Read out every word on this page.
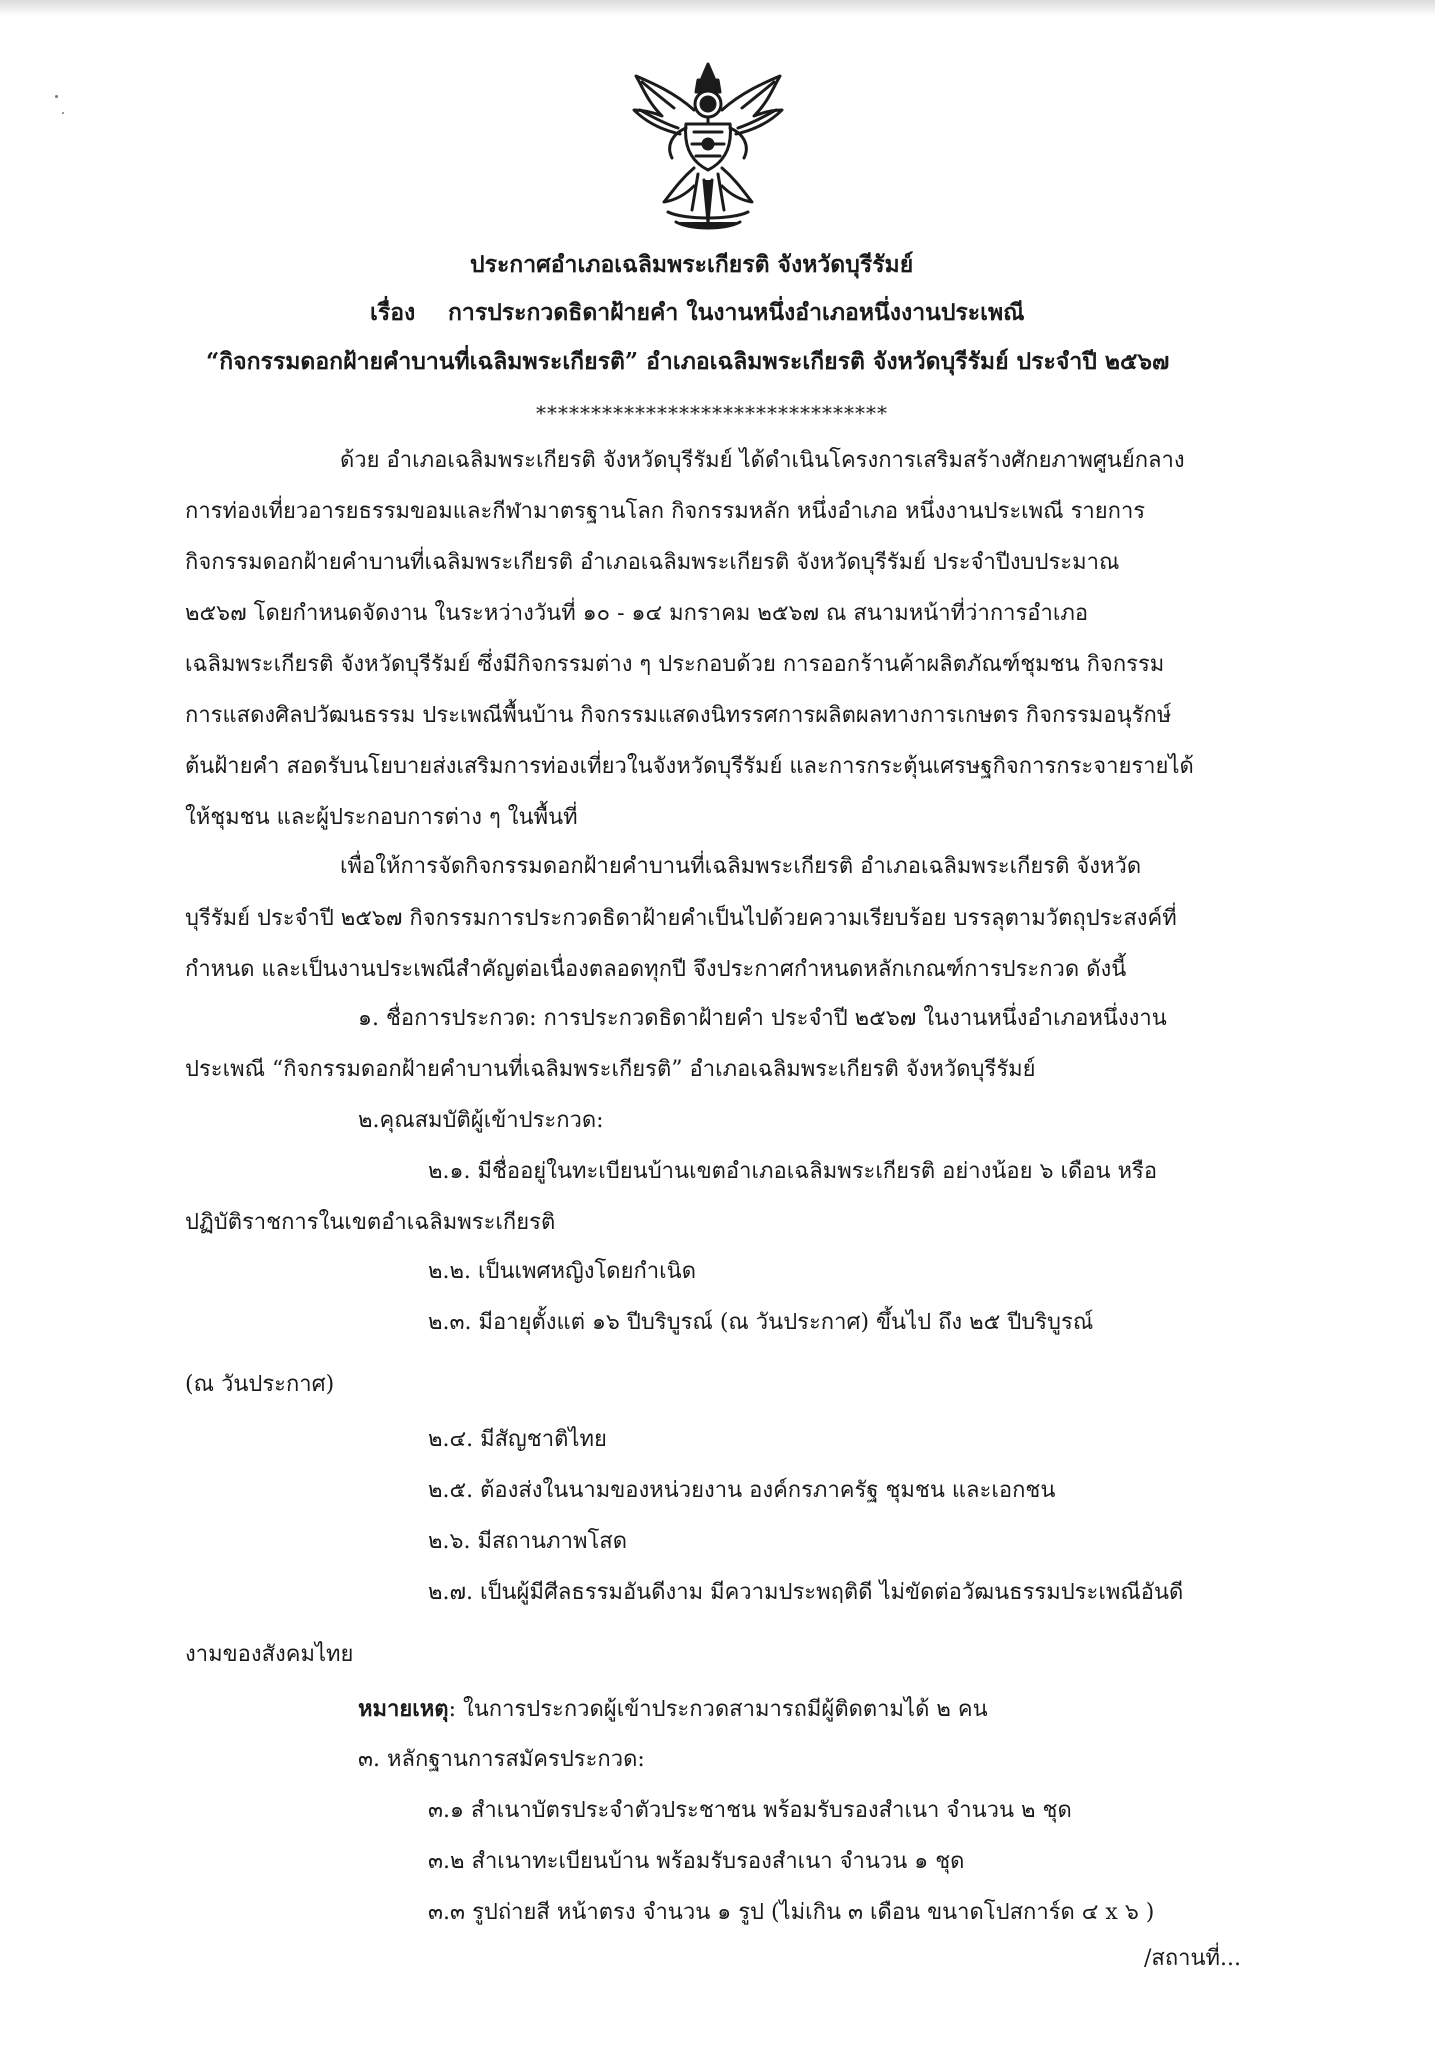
ประกาศอำเภอเฉลิมพระเกียรติ จังหวัดบุรีรัมย์
เรื่อง การประกวดธิดาฝ้ายคำ ในงานหนึ่งอำเภอหนึ่งงานประเพณี
“กิจกรรมดอกฝ้ายคำบานที่เฉลิมพระเกียรติ” อำเภอเฉลิมพระเกียรติ จังหวัดบุรีรัมย์ ประจำปี ๒๕๖๗
********************************
ด้วย อำเภอเฉลิมพระเกียรติ จังหวัดบุรีรัมย์ ได้ดำเนินโครงการเสริมสร้างศักยภาพศูนย์กลาง
การท่องเที่ยวอารยธรรมขอมและกีฬามาตรฐานโลก กิจกรรมหลัก หนึ่งอำเภอ หนึ่งงานประเพณี รายการ
กิจกรรมดอกฝ้ายคำบานที่เฉลิมพระเกียรติ อำเภอเฉลิมพระเกียรติ จังหวัดบุรีรัมย์ ประจำปีงบประมาณ
๒๕๖๗ โดยกำหนดจัดงาน ในระหว่างวันที่ ๑๐ - ๑๔ มกราคม ๒๕๖๗ ณ สนามหน้าที่ว่าการอำเภอ
เฉลิมพระเกียรติ จังหวัดบุรีรัมย์ ซึ่งมีกิจกรรมต่าง ๆ ประกอบด้วย การออกร้านค้าผลิตภัณฑ์ชุมชน กิจกรรม
การแสดงศิลปวัฒนธรรม ประเพณีพื้นบ้าน กิจกรรมแสดงนิทรรศการผลิตผลทางการเกษตร กิจกรรมอนุรักษ์
ต้นฝ้ายคำ สอดรับนโยบายส่งเสริมการท่องเที่ยวในจังหวัดบุรีรัมย์ และการกระตุ้นเศรษฐกิจการกระจายรายได้
ให้ชุมชน และผู้ประกอบการต่าง ๆ ในพื้นที่
เพื่อให้การจัดกิจกรรมดอกฝ้ายคำบานที่เฉลิมพระเกียรติ อำเภอเฉลิมพระเกียรติ จังหวัด
บุรีรัมย์ ประจำปี ๒๕๖๗ กิจกรรมการประกวดธิดาฝ้ายคำเป็นไปด้วยความเรียบร้อย บรรลุตามวัตถุประสงค์ที่
กำหนด และเป็นงานประเพณีสำคัญต่อเนื่องตลอดทุกปี จึงประกาศกำหนดหลักเกณฑ์การประกวด ดังนี้
๑. ชื่อการประกวด: การประกวดธิดาฝ้ายคำ ประจำปี ๒๕๖๗ ในงานหนึ่งอำเภอหนึ่งงาน
ประเพณี “กิจกรรมดอกฝ้ายคำบานที่เฉลิมพระเกียรติ” อำเภอเฉลิมพระเกียรติ จังหวัดบุรีรัมย์
๒.คุณสมบัติผู้เข้าประกวด:
๒.๑. มีชื่ออยู่ในทะเบียนบ้านเขตอำเภอเฉลิมพระเกียรติ อย่างน้อย ๖ เดือน หรือ
ปฏิบัติราชการในเขตอำเฉลิมพระเกียรติ
๒.๒. เป็นเพศหญิงโดยกำเนิด
๒.๓. มีอายุตั้งแต่ ๑๖ ปีบริบูรณ์ (ณ วันประกาศ) ขึ้นไป ถึง ๒๕ ปีบริบูรณ์
(ณ วันประกาศ)
๒.๔. มีสัญชาติไทย
๒.๕. ต้องส่งในนามของหน่วยงาน องค์กรภาครัฐ ชุมชน และเอกชน
๒.๖. มีสถานภาพโสด
๒.๗. เป็นผู้มีศีลธรรมอันดีงาม มีความประพฤติดี ไม่ขัดต่อวัฒนธรรมประเพณีอันดี
งามของสังคมไทย
หมายเหตุ: ในการประกวดผู้เข้าประกวดสามารถมีผู้ติดตามได้ ๒ คน
๓. หลักฐานการสมัครประกวด:
๓.๑ สำเนาบัตรประจำตัวประชาชน พร้อมรับรองสำเนา จำนวน ๒ ชุด
๓.๒ สำเนาทะเบียนบ้าน พร้อมรับรองสำเนา จำนวน ๑ ชุด
๓.๓ รูปถ่ายสี หน้าตรง จำนวน ๑ รูป (ไม่เกิน ๓ เดือน ขนาดโปสการ์ด ๔ x ๖ )
/สถานที่...
